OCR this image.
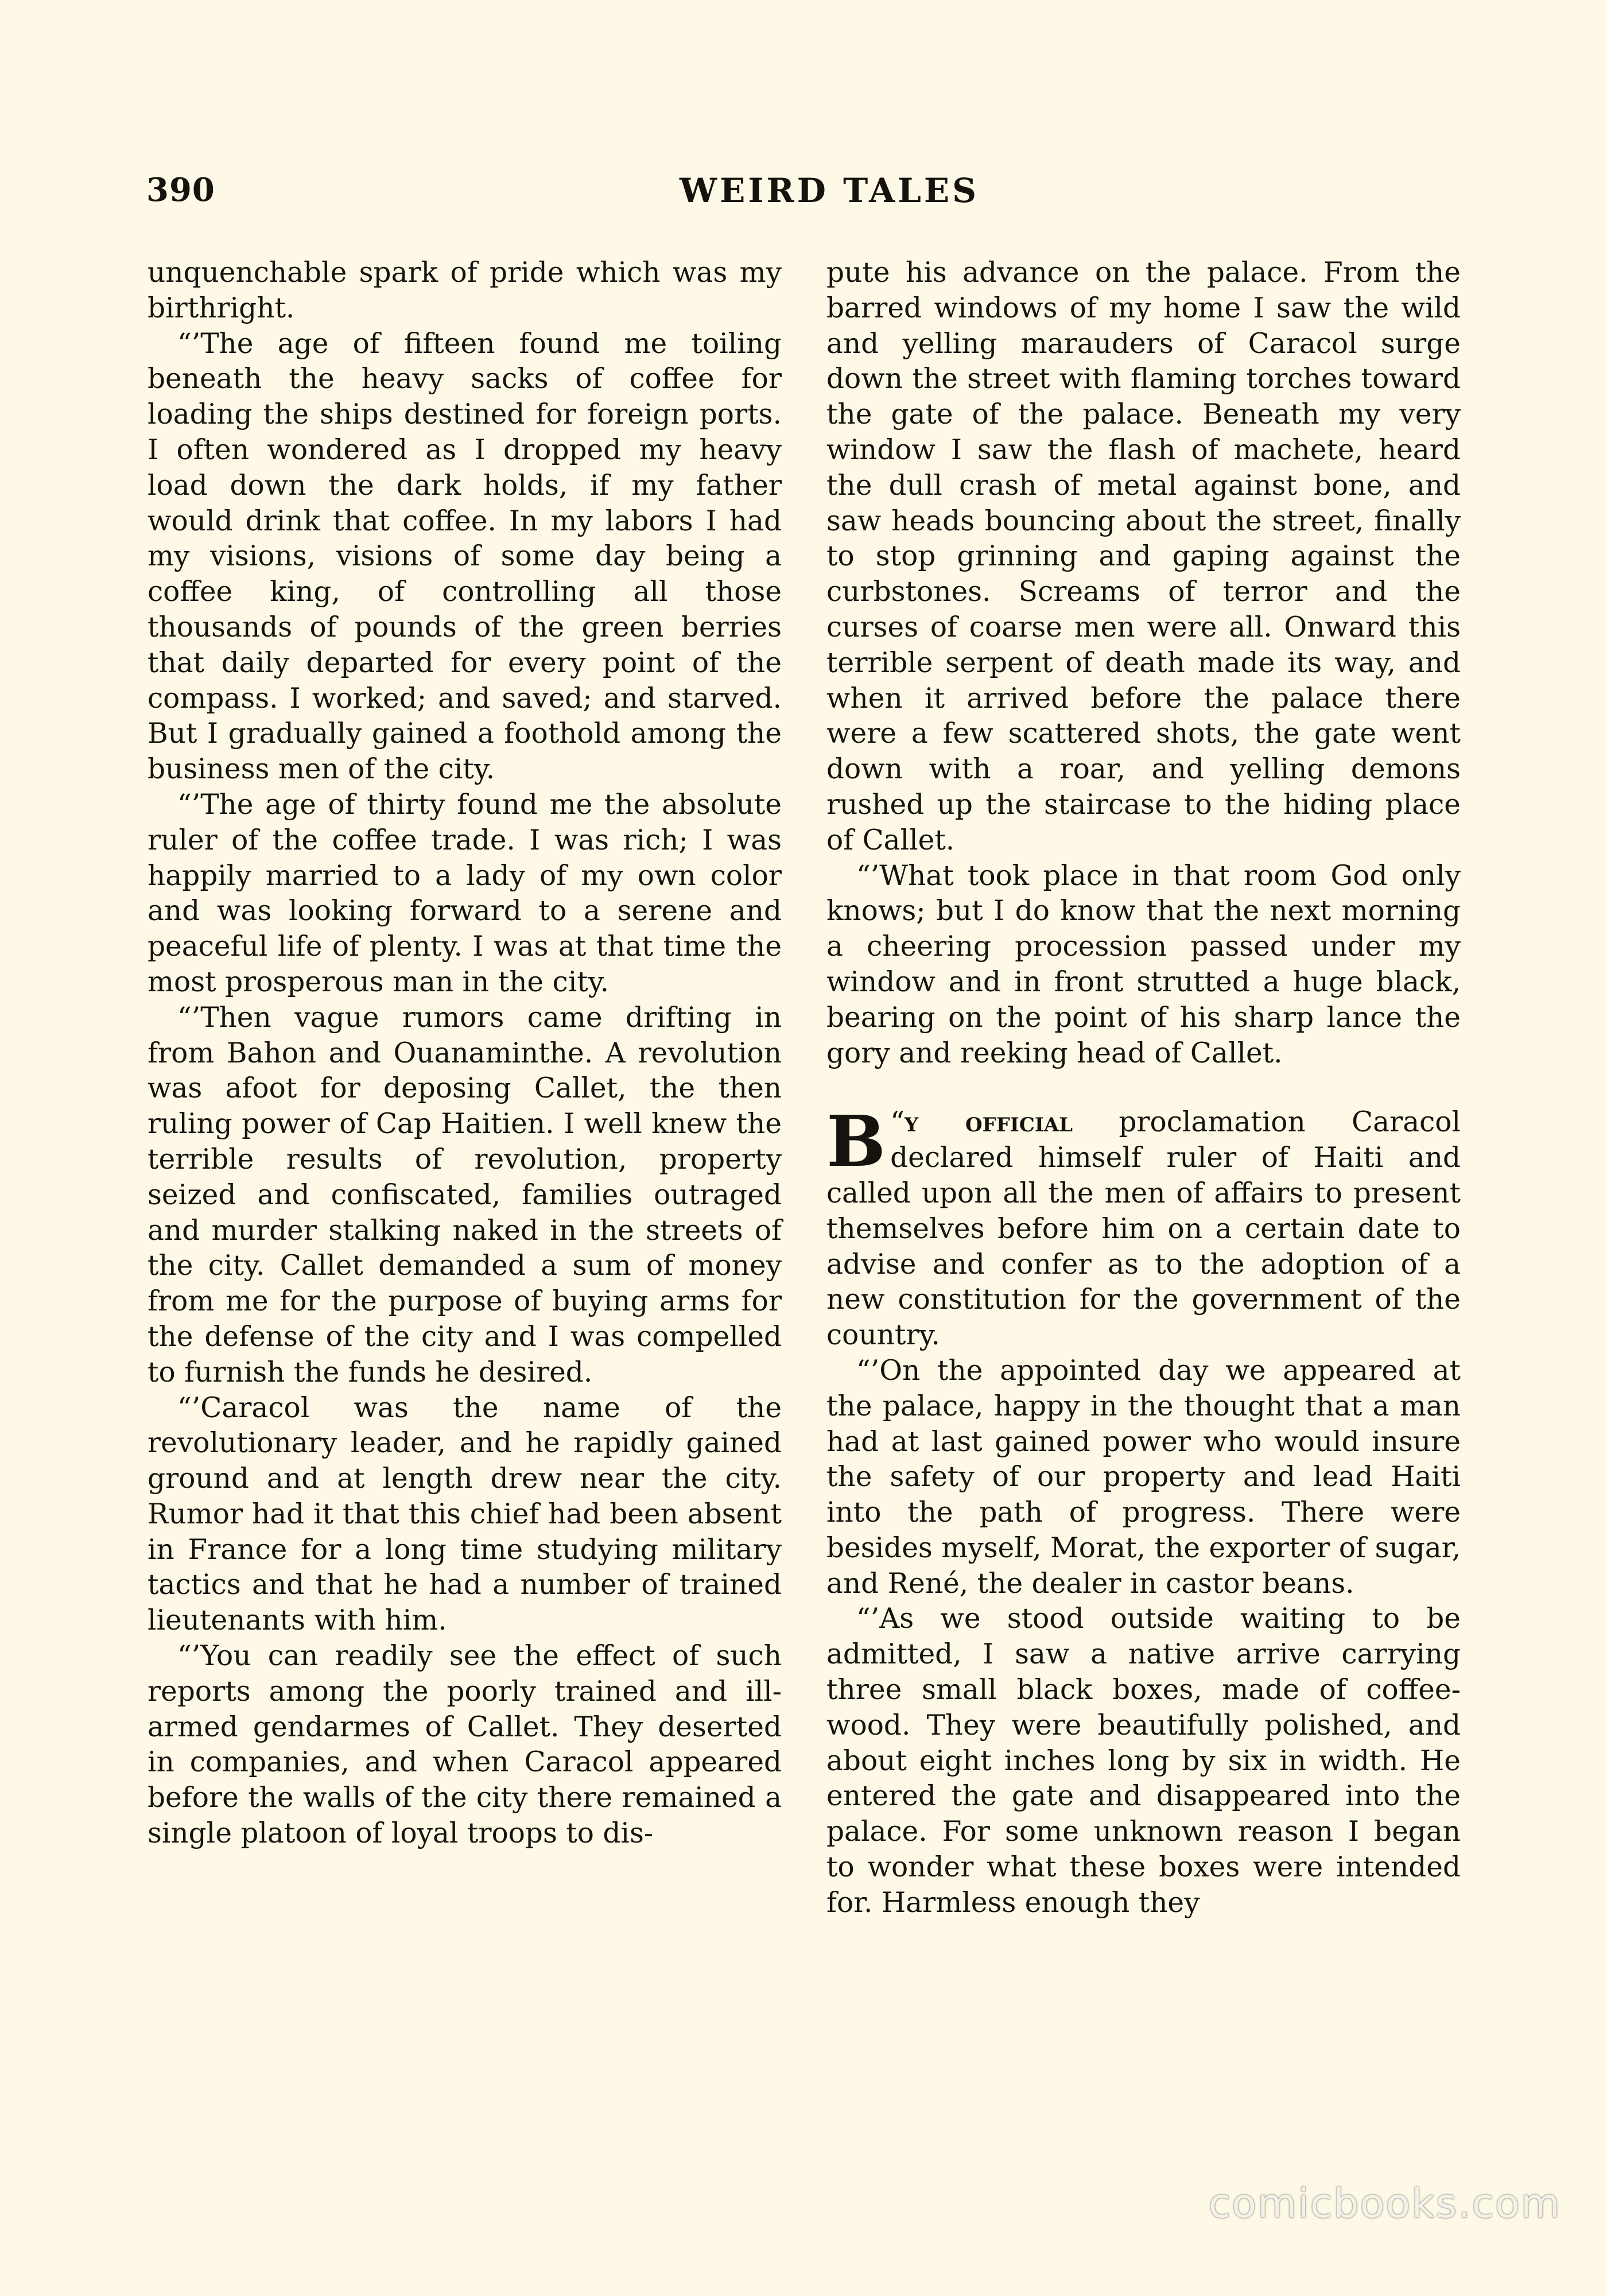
390	WEIRD TALES

unquenchable spark of pride which was my birthright.

“’The age of fifteen found me toiling beneath the heavy sacks of coffee for loading the ships destined for foreign ports. I often wondered as I dropped my heavy load down the dark holds, if my father would drink that coffee. In my labors I had my visions, visions of some day being a coffee king, of controlling all those thousands of pounds of the green berries that daily departed for every point of the compass. I worked; and saved; and starved. But I gradually gained a foothold among the business men of the city.

“’The age of thirty found me the absolute ruler of the coffee trade. I was rich; I was happily married to a lady of my own color and was looking forward to a serene and peaceful life of plenty. I was at that time the most prosperous man in the city.

“’Then vague rumors came drifting in from Bahon and Ouanaminthe. A revolution was afoot for deposing Callet, the then ruling power of Cap Haitien. I well knew the terrible results of revolution, property seized and confiscated, families outraged and murder stalking naked in the streets of the city. Callet demanded a sum of money from me for the purpose of buying arms for the defense of the city and I was compelled to furnish the funds he desired.

“’Caracol was the name of the revolutionary leader, and he rapidly gained ground and at length drew near the city. Rumor had it that this chief had been absent in France for a long time studying military tactics and that he had a number of trained lieutenants with him.

“’You can readily see the effect of such reports among the poorly trained and ill-armed gendarmes of Callet. They deserted in companies, and when Caracol appeared before the walls of the city there remained a single platoon of loyal troops to dis-

pute his advance on the palace. From the barred windows of my home I saw the wild and yelling marauders of Caracol surge down the street with flaming torches toward the gate of the palace. Beneath my very window I saw the flash of machete, heard the dull crash of metal against bone, and saw heads bouncing about the street, finally to stop grinning and gaping against the curbstones. Screams of terror and the curses of coarse men were all. Onward this terrible serpent of death made its way, and when it arrived before the palace there were a few scattered shots, the gate went down with a roar, and yelling demons rushed up the staircase to the hiding place of Callet.

“’What took place in that room God only knows; but I do know that the next morning a cheering procession passed under my window and in front strutted a huge black, bearing on the point of his sharp lance the gory and reeking head of Callet.

“
B y official proclamation Caracol declared himself ruler of Haiti and called upon all the men of affairs to present themselves before him on a certain date to advise and confer as to the adoption of a new constitution for the government of the country.

“’On the appointed day we appeared at the palace, happy in the thought that a man had at last gained power who would insure the safety of our property and lead Haiti into the path of progress. There were besides myself, Morat, the exporter of sugar, and René, the dealer in castor beans.

“’As we stood outside waiting to be admitted, I saw a native arrive carrying three small black boxes, made of coffee-wood. They were beautifully polished, and about eight inches long by six in width. He entered the gate and disappeared into the palace. For some unknown reason I began to wonder what these boxes were intended for. Harmless enough they

comicbooks.com
